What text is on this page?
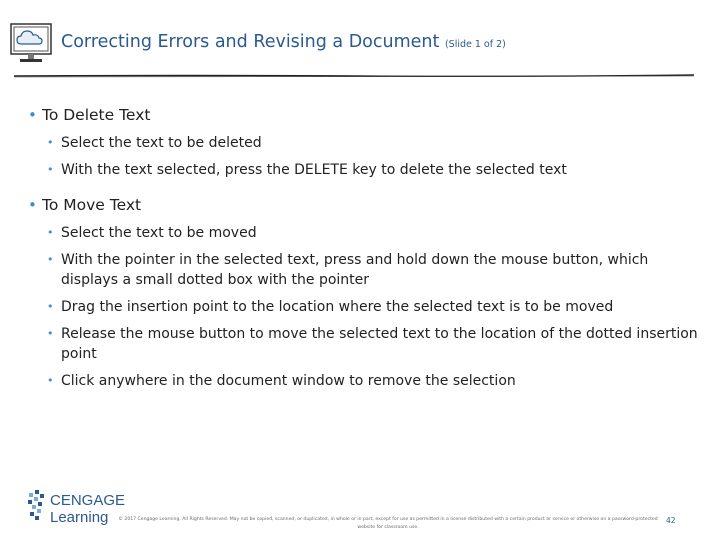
Correcting Errors and Revising a Document (Slide 1 of 2)
• To Delete Text
• Select the text to be deleted
• With the text selected, press the DELETE key to delete the selected text
• To Move Text
• Select the text to be moved
• With the pointer in the selected text, press and hold down the mouse button, which displays a small dotted box with the pointer
• Drag the insertion point to the location where the selected text is to be moved
• Release the mouse button to move the selected text to the location of the dotted insertion point
• Click anywhere in the document window to remove the selection
CENGAGE
Learning © 2017 Cengage Learning. All Rights Reserved. May not be copied, scanned, or duplicated, in whole or in part, except for use as permitted in a license distributed with a certain product or service or otherwise on a password-protected website for classroom use.
42
